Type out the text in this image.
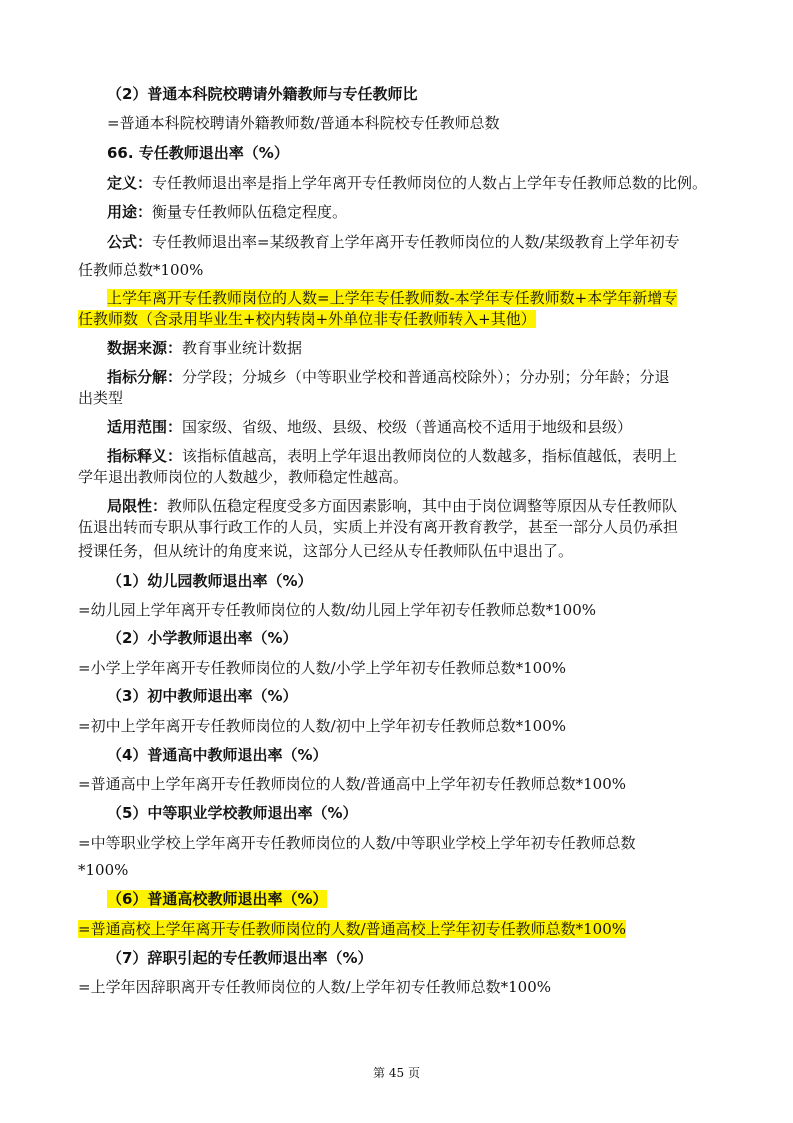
（2）普通本科院校聘请外籍教师与专任教师比
=普通本科院校聘请外籍教师数/普通本科院校专任教师总数
66. 专任教师退出率（%）
定义：专任教师退出率是指上学年离开专任教师岗位的人数占上学年专任教师总数的比例。
用途：衡量专任教师队伍稳定程度。
公式：专任教师退出率=某级教育上学年离开专任教师岗位的人数/某级教育上学年初专
任教师总数*100%
上学年离开专任教师岗位的人数=上学年专任教师数-本学年专任教师数+本学年新增专
任教师数（含录用毕业生+校内转岗+外单位非专任教师转入+其他）
数据来源：教育事业统计数据
指标分解：分学段；分城乡（中等职业学校和普通高校除外）；分办别；分年龄；分退
出类型
适用范围：国家级、省级、地级、县级、校级（普通高校不适用于地级和县级）
指标释义：该指标值越高，表明上学年退出教师岗位的人数越多，指标值越低，表明上
学年退出教师岗位的人数越少，教师稳定性越高。
局限性：教师队伍稳定程度受多方面因素影响，其中由于岗位调整等原因从专任教师队
伍退出转而专职从事行政工作的人员，实质上并没有离开教育教学，甚至一部分人员仍承担
授课任务，但从统计的角度来说，这部分人已经从专任教师队伍中退出了。
（1）幼儿园教师退出率（%）
=幼儿园上学年离开专任教师岗位的人数/幼儿园上学年初专任教师总数*100%
（2）小学教师退出率（%）
=小学上学年离开专任教师岗位的人数/小学上学年初专任教师总数*100%
（3）初中教师退出率（%）
=初中上学年离开专任教师岗位的人数/初中上学年初专任教师总数*100%
（4）普通高中教师退出率（%）
=普通高中上学年离开专任教师岗位的人数/普通高中上学年初专任教师总数*100%
（5）中等职业学校教师退出率（%）
=中等职业学校上学年离开专任教师岗位的人数/中等职业学校上学年初专任教师总数
*100%
（6）普通高校教师退出率（%）
=普通高校上学年离开专任教师岗位的人数/普通高校上学年初专任教师总数*100%
（7）辞职引起的专任教师退出率（%）
=上学年因辞职离开专任教师岗位的人数/上学年初专任教师总数*100%
第 45 页
